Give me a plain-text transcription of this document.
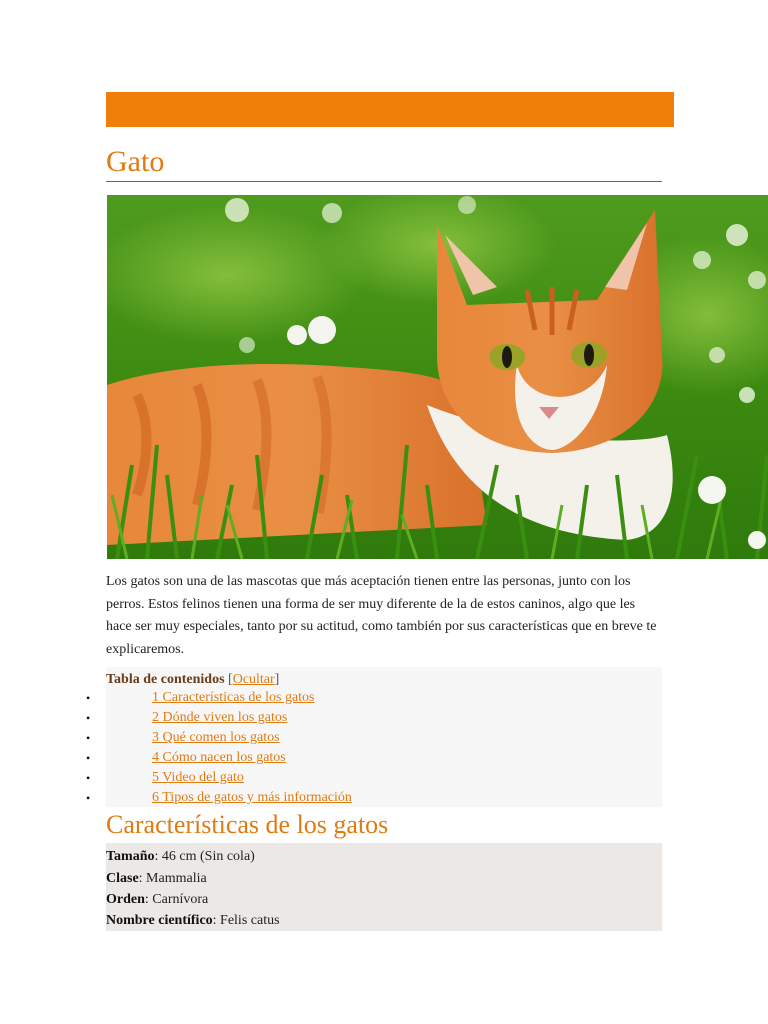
Gato

Los gatos son una de las mascotas que más aceptación tienen entre las personas, junto con los perros. Estos felinos tienen una forma de ser muy diferente de la de estos caninos, algo que les hace ser muy especiales, tanto por su actitud, como también por sus características que en breve te explicaremos.

Tabla de contenidos [Ocultar]
•	1 Características de los gatos
•	2 Dónde viven los gatos
•	3 Qué comen los gatos
•	4 Cómo nacen los gatos
•	5 Video del gato
•	6 Tipos de gatos y más información
Características de los gatos
Tamaño: 46 cm (Sin cola)
Clase: Mammalia
Orden: Carnívora
Nombre científico: Felis catus
